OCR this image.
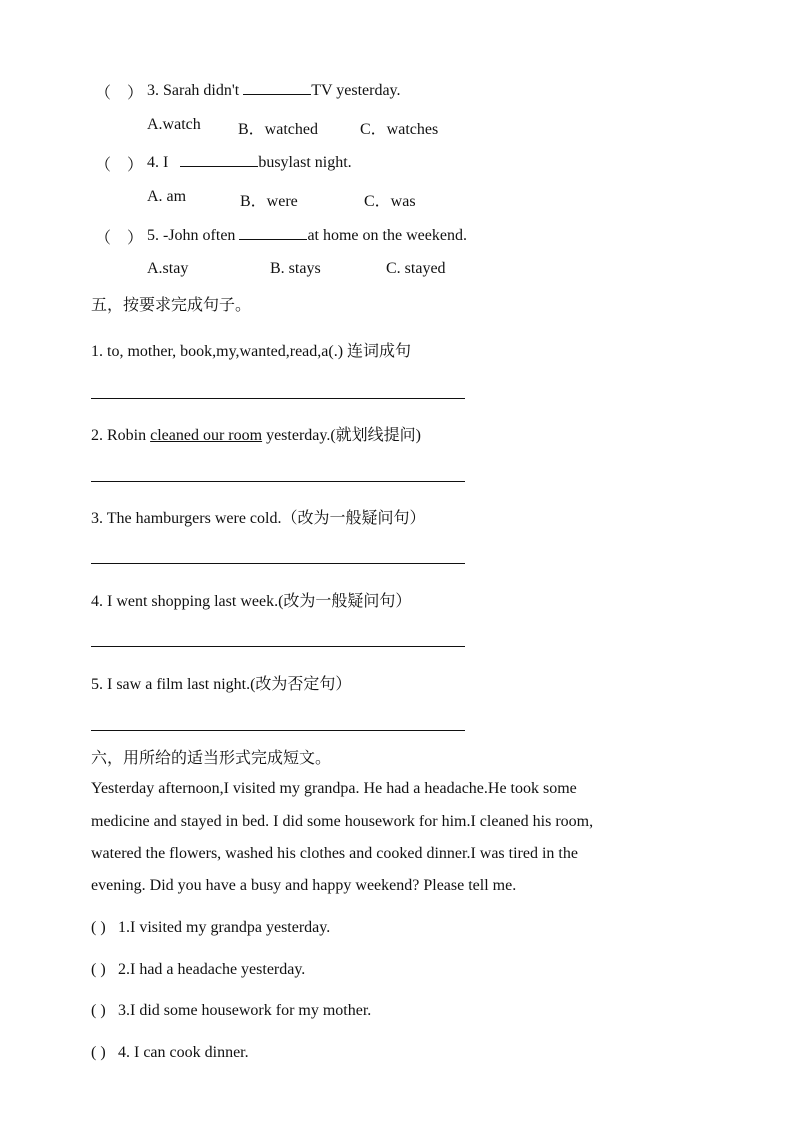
（　） 3. Sarah didn't	TV yesterday.
A.watch B．watched	C．watches
（　） 4. I	busylast night.
A. am	B．were	C．was
（　） 5. -John often	at home on the weekend.
A.stay	B. stays	C. stayed
五，按要求完成句子。
1. to, mother, book,my,wanted,read,a(.) 连词成句
2. Robin cleaned our room yesterday.(就划线提问)
3. The hamburgers were cold.（改为一般疑问句）
4. I went shopping last week.(改为一般疑问句）
5. I saw a film last night.(改为否定句）
六，用所给的适当形式完成短文。
Yesterday afternoon,I visited my grandpa. He had a headache.He took some
medicine and stayed in bed. I did some housework for him.I cleaned his room,
watered the flowers, washed his clothes and cooked dinner.I was tired in the
evening. Did you have a busy and happy weekend? Please tell me.
( ) 1.I visited my grandpa yesterday.
( ) 2.I had a headache yesterday.
( ) 3.I did some housework for my mother.
( ) 4. I can cook dinner.
